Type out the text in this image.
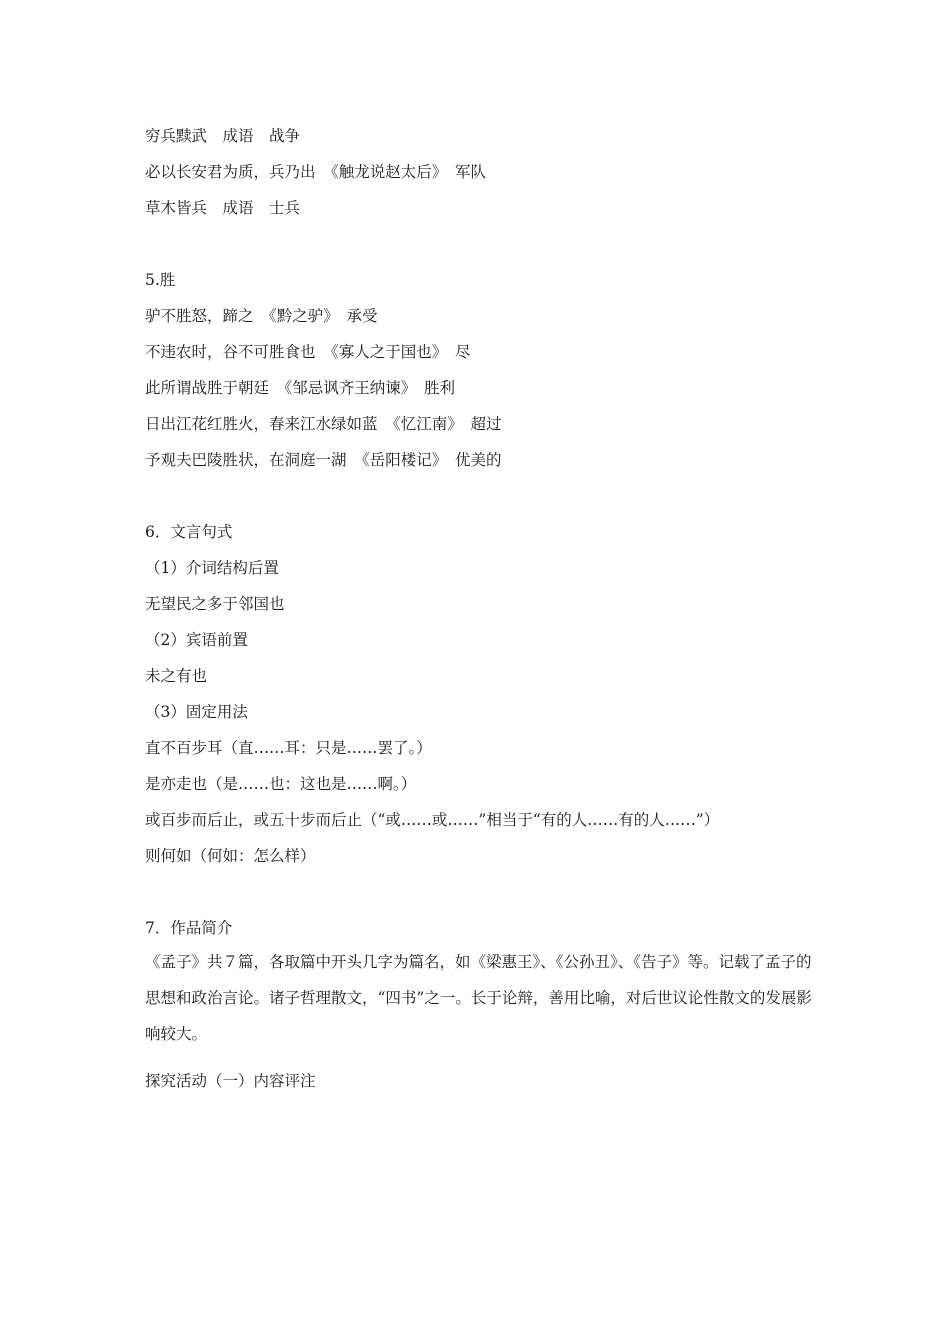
穷兵黩武　成语　战争
必以长安君为质，兵乃出　《触龙说赵太后》　军队
草木皆兵　成语　士兵
5.胜
驴不胜怒，蹄之　《黔之驴》　承受
不违农时，谷不可胜食也　《寡人之于国也》　尽
此所谓战胜于朝廷　《邹忌讽齐王纳谏》　胜利
日出江花红胜火，春来江水绿如蓝　《忆江南》　超过
予观夫巴陵胜状，在洞庭一湖　《岳阳楼记》　优美的
6．文言句式
（1）介词结构后置
无望民之多于邻国也
（2）宾语前置
未之有也
（3）固定用法
直不百步耳（直……耳：只是……罢了。）
是亦走也（是……也：这也是……啊。）
或百步而后止，或五十步而后止（“或……或……”相当于“有的人……有的人……”）
则何如（何如：怎么样）
7．作品简介
《孟子》共７篇，各取篇中开头几字为篇名，如《梁惠王》、《公孙丑》、《告子》等。记载了孟子的思想和政治言论。诸子哲理散文，“四书”之一。长于论辩，善用比喻，对后世议论性散文的发展影响较大。
探究活动（一）内容评注
